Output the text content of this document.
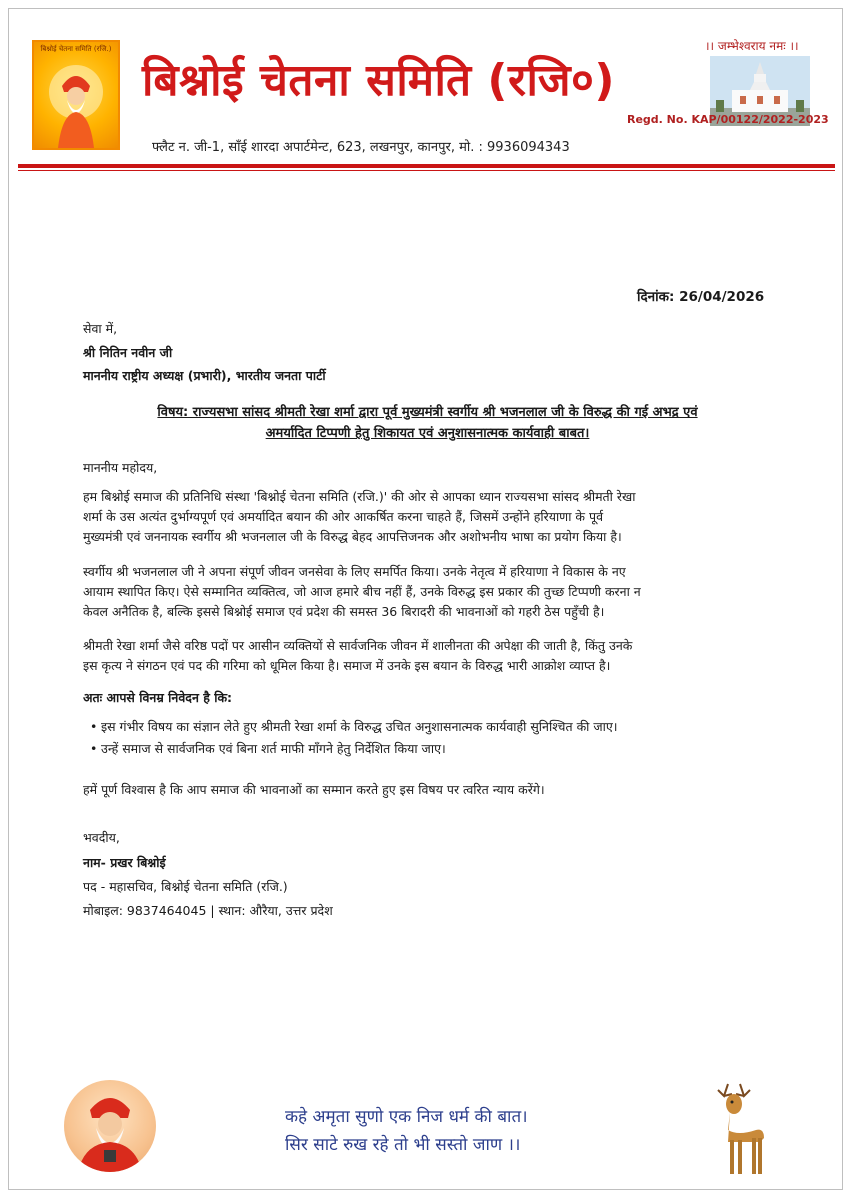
बिश्नोई चेतना समिति (रजि.)
बिश्नोई चेतना समिति (रजि०)
।। जम्भेश्वराय नमः ।।
Regd. No. KAP/00122/2022-2023
फ्लैट न. जी-1, साँई शारदा अपार्टमेन्ट, 623, लखनपुर, कानपुर, मो. : 9936094343
दिनांक: 26/04/2026
सेवा में,
श्री नितिन नवीन जी
माननीय राष्ट्रीय अध्यक्ष (प्रभारी), भारतीय जनता पार्टी
विषय: राज्यसभा सांसद श्रीमती रेखा शर्मा द्वारा पूर्व मुख्यमंत्री स्वर्गीय श्री भजनलाल जी के विरुद्ध की गई अभद्र एवं
अमर्यादित टिप्पणी हेतु शिकायत एवं अनुशासनात्मक कार्यवाही बाबत।
माननीय महोदय,
हम बिश्नोई समाज की प्रतिनिधि संस्था 'बिश्नोई चेतना समिति (रजि.)' की ओर से आपका ध्यान राज्यसभा सांसद श्रीमती रेखा
शर्मा के उस अत्यंत दुर्भाग्यपूर्ण एवं अमर्यादित बयान की ओर आकर्षित करना चाहते हैं, जिसमें उन्होंने हरियाणा के पूर्व
मुख्यमंत्री एवं जननायक स्वर्गीय श्री भजनलाल जी के विरुद्ध बेहद आपत्तिजनक और अशोभनीय भाषा का प्रयोग किया है।
स्वर्गीय श्री भजनलाल जी ने अपना संपूर्ण जीवन जनसेवा के लिए समर्पित किया। उनके नेतृत्व में हरियाणा ने विकास के नए
आयाम स्थापित किए। ऐसे सम्मानित व्यक्तित्व, जो आज हमारे बीच नहीं हैं, उनके विरुद्ध इस प्रकार की तुच्छ टिप्पणी करना न
केवल अनैतिक है, बल्कि इससे बिश्नोई समाज एवं प्रदेश की समस्त 36 बिरादरी की भावनाओं को गहरी ठेस पहुँची है।
श्रीमती रेखा शर्मा जैसे वरिष्ठ पदों पर आसीन व्यक्तियों से सार्वजनिक जीवन में शालीनता की अपेक्षा की जाती है, किंतु उनके
इस कृत्य ने संगठन एवं पद की गरिमा को धूमिल किया है। समाज में उनके इस बयान के विरुद्ध भारी आक्रोश व्याप्त है।
अतः आपसे विनम्र निवेदन है कि:
• इस गंभीर विषय का संज्ञान लेते हुए श्रीमती रेखा शर्मा के विरुद्ध उचित अनुशासनात्मक कार्यवाही सुनिश्चित की जाए।
• उन्हें समाज से सार्वजनिक एवं बिना शर्त माफी माँगने हेतु निर्देशित किया जाए।
हमें पूर्ण विश्वास है कि आप समाज की भावनाओं का सम्मान करते हुए इस विषय पर त्वरित न्याय करेंगे।
भवदीय,
नाम- प्रखर बिश्नोई
पद - महासचिव, बिश्नोई चेतना समिति (रजि.)
मोबाइल: 9837464045 | स्थान: औरैया, उत्तर प्रदेश
कहे अमृता सुणो एक निज धर्म की बात।
सिर साटे रुख रहे तो भी सस्तो जाण ।।
